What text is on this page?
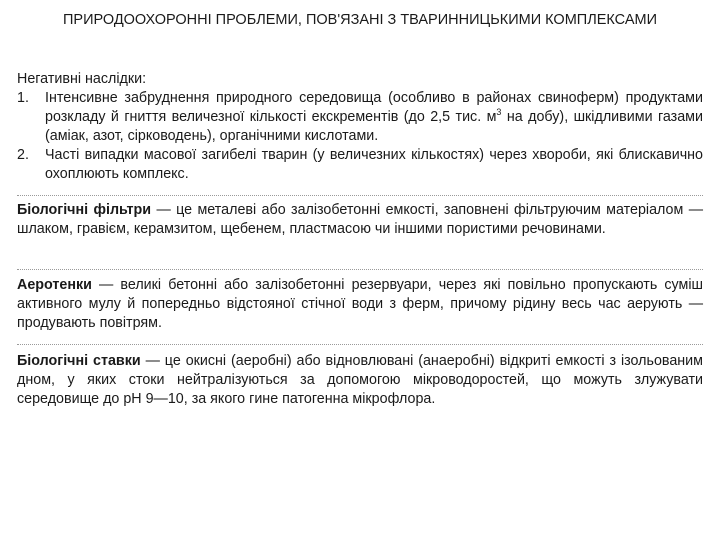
ПРИРОДООХОРОННІ ПРОБЛЕМИ, ПОВ'ЯЗАНІ З ТВАРИННИЦЬКИМИ КОМПЛЕКСАМИ
Негативні наслідки:
1. Інтенсивне забруднення природного середовища (особливо в районах свиноферм) продуктами розкладу й гниття величезної кількості екскрементів (до 2,5 тис. $м^3$ на добу), шкідливими газами (аміак, азот, сірководень), органічними кислотами.
2. Часті випадки масової загибелі тварин (у величезних кількостях) через хвороби, які блискавично охоплюють комплекс.
Біологічні фільтри — це металеві або залізобетонні емкості, заповнені фільтруючим матеріалом — шлаком, гравієм, керамзитом, щебенем, пластмасою чи іншими пористими речовинами.
Аеротенки — великі бетонні або залізобетонні резервуари, через які повільно пропускають суміш активного мулу й попередньо відстояної стічної води з ферм, причому рідину весь час аерують — продувають повітрям.
Біологічні ставки — це окисні (аеробні) або відновлювані (анаеробні) відкриті емкості з ізольованим дном, у яких стоки нейтралізуються за допомогою мікроводоростей, що можуть злужувати середовище до рН 9—10, за якого гине патогенна мікрофлора.
